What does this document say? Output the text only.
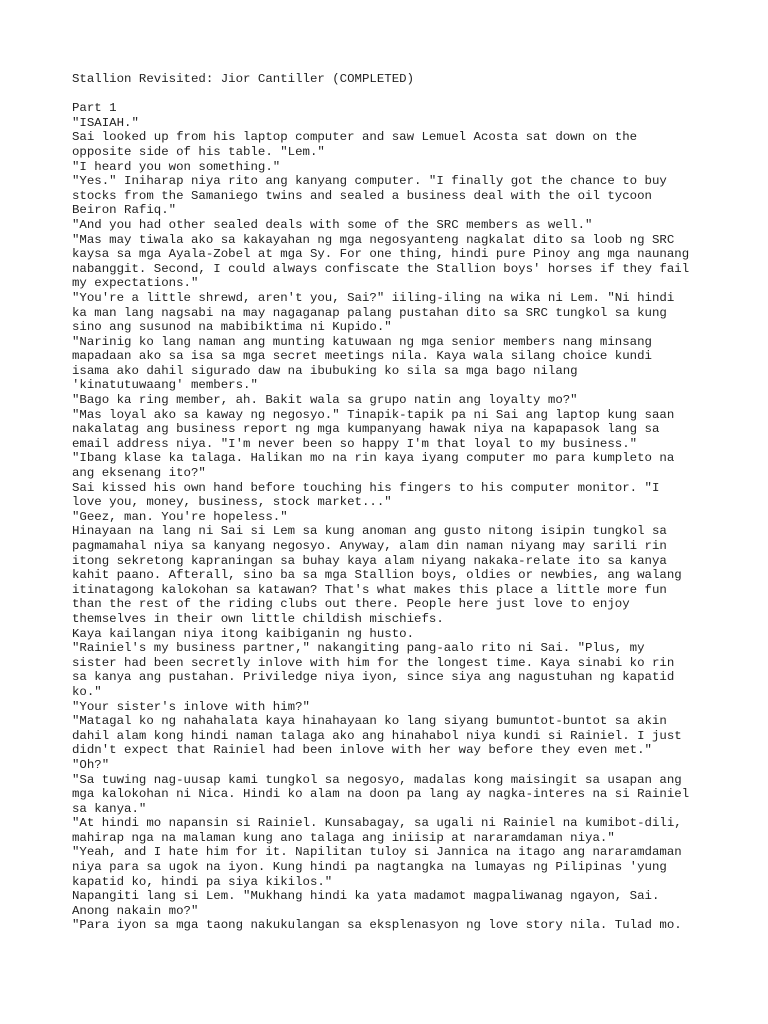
Stallion Revisited: Jior Cantiller (COMPLETED)
Part 1
"ISAIAH."
Sai looked up from his laptop computer and saw Lemuel Acosta sat down on the
opposite side of his table. "Lem."
"I heard you won something."
"Yes." Iniharap niya rito ang kanyang computer. "I finally got the chance to buy
stocks from the Samaniego twins and sealed a business deal with the oil tycoon
Beiron Rafiq."
"And you had other sealed deals with some of the SRC members as well."
"Mas may tiwala ako sa kakayahan ng mga negosyanteng nagkalat dito sa loob ng SRC
kaysa sa mga Ayala-Zobel at mga Sy. For one thing, hindi pure Pinoy ang mga naunang
nabanggit. Second, I could always confiscate the Stallion boys' horses if they fail
my expectations."
"You're a little shrewd, aren't you, Sai?" iiling-iling na wika ni Lem. "Ni hindi
ka man lang nagsabi na may nagaganap palang pustahan dito sa SRC tungkol sa kung
sino ang susunod na mabibiktima ni Kupido."
"Narinig ko lang naman ang munting katuwaan ng mga senior members nang minsang
mapadaan ako sa isa sa mga secret meetings nila. Kaya wala silang choice kundi
isama ako dahil sigurado daw na ibubuking ko sila sa mga bago nilang
'kinatutuwaang' members."
"Bago ka ring member, ah. Bakit wala sa grupo natin ang loyalty mo?"
"Mas loyal ako sa kaway ng negosyo." Tinapik-tapik pa ni Sai ang laptop kung saan
nakalatag ang business report ng mga kumpanyang hawak niya na kapapasok lang sa
email address niya. "I'm never been so happy I'm that loyal to my business."
"Ibang klase ka talaga. Halikan mo na rin kaya iyang computer mo para kumpleto na
ang eksenang ito?"
Sai kissed his own hand before touching his fingers to his computer monitor. "I
love you, money, business, stock market..."
"Geez, man. You're hopeless."
Hinayaan na lang ni Sai si Lem sa kung anoman ang gusto nitong isipin tungkol sa
pagmamahal niya sa kanyang negosyo. Anyway, alam din naman niyang may sarili rin
itong sekretong kapraningan sa buhay kaya alam niyang nakaka-relate ito sa kanya
kahit paano. Afterall, sino ba sa mga Stallion boys, oldies or newbies, ang walang
itinatagong kalokohan sa katawan? That's what makes this place a little more fun
than the rest of the riding clubs out there. People here just love to enjoy
themselves in their own little childish mischiefs.
Kaya kailangan niya itong kaibiganin ng husto.
"Rainiel's my business partner," nakangiting pang-aalo rito ni Sai. "Plus, my
sister had been secretly inlove with him for the longest time. Kaya sinabi ko rin
sa kanya ang pustahan. Priviledge niya iyon, since siya ang nagustuhan ng kapatid
ko."
"Your sister's inlove with him?"
"Matagal ko ng nahahalata kaya hinahayaan ko lang siyang bumuntot-buntot sa akin
dahil alam kong hindi naman talaga ako ang hinahabol niya kundi si Rainiel. I just
didn't expect that Rainiel had been inlove with her way before they even met."
"Oh?"
"Sa tuwing nag-uusap kami tungkol sa negosyo, madalas kong maisingit sa usapan ang
mga kalokohan ni Nica. Hindi ko alam na doon pa lang ay nagka-interes na si Rainiel
sa kanya."
"At hindi mo napansin si Rainiel. Kunsabagay, sa ugali ni Rainiel na kumibot-dili,
mahirap nga na malaman kung ano talaga ang iniisip at nararamdaman niya."
"Yeah, and I hate him for it. Napilitan tuloy si Jannica na itago ang nararamdaman
niya para sa ugok na iyon. Kung hindi pa nagtangka na lumayas ng Pilipinas 'yung
kapatid ko, hindi pa siya kikilos."
Napangiti lang si Lem. "Mukhang hindi ka yata madamot magpaliwanag ngayon, Sai.
Anong nakain mo?"
"Para iyon sa mga taong nakukulangan sa eksplenasyon ng love story nila. Tulad mo.
